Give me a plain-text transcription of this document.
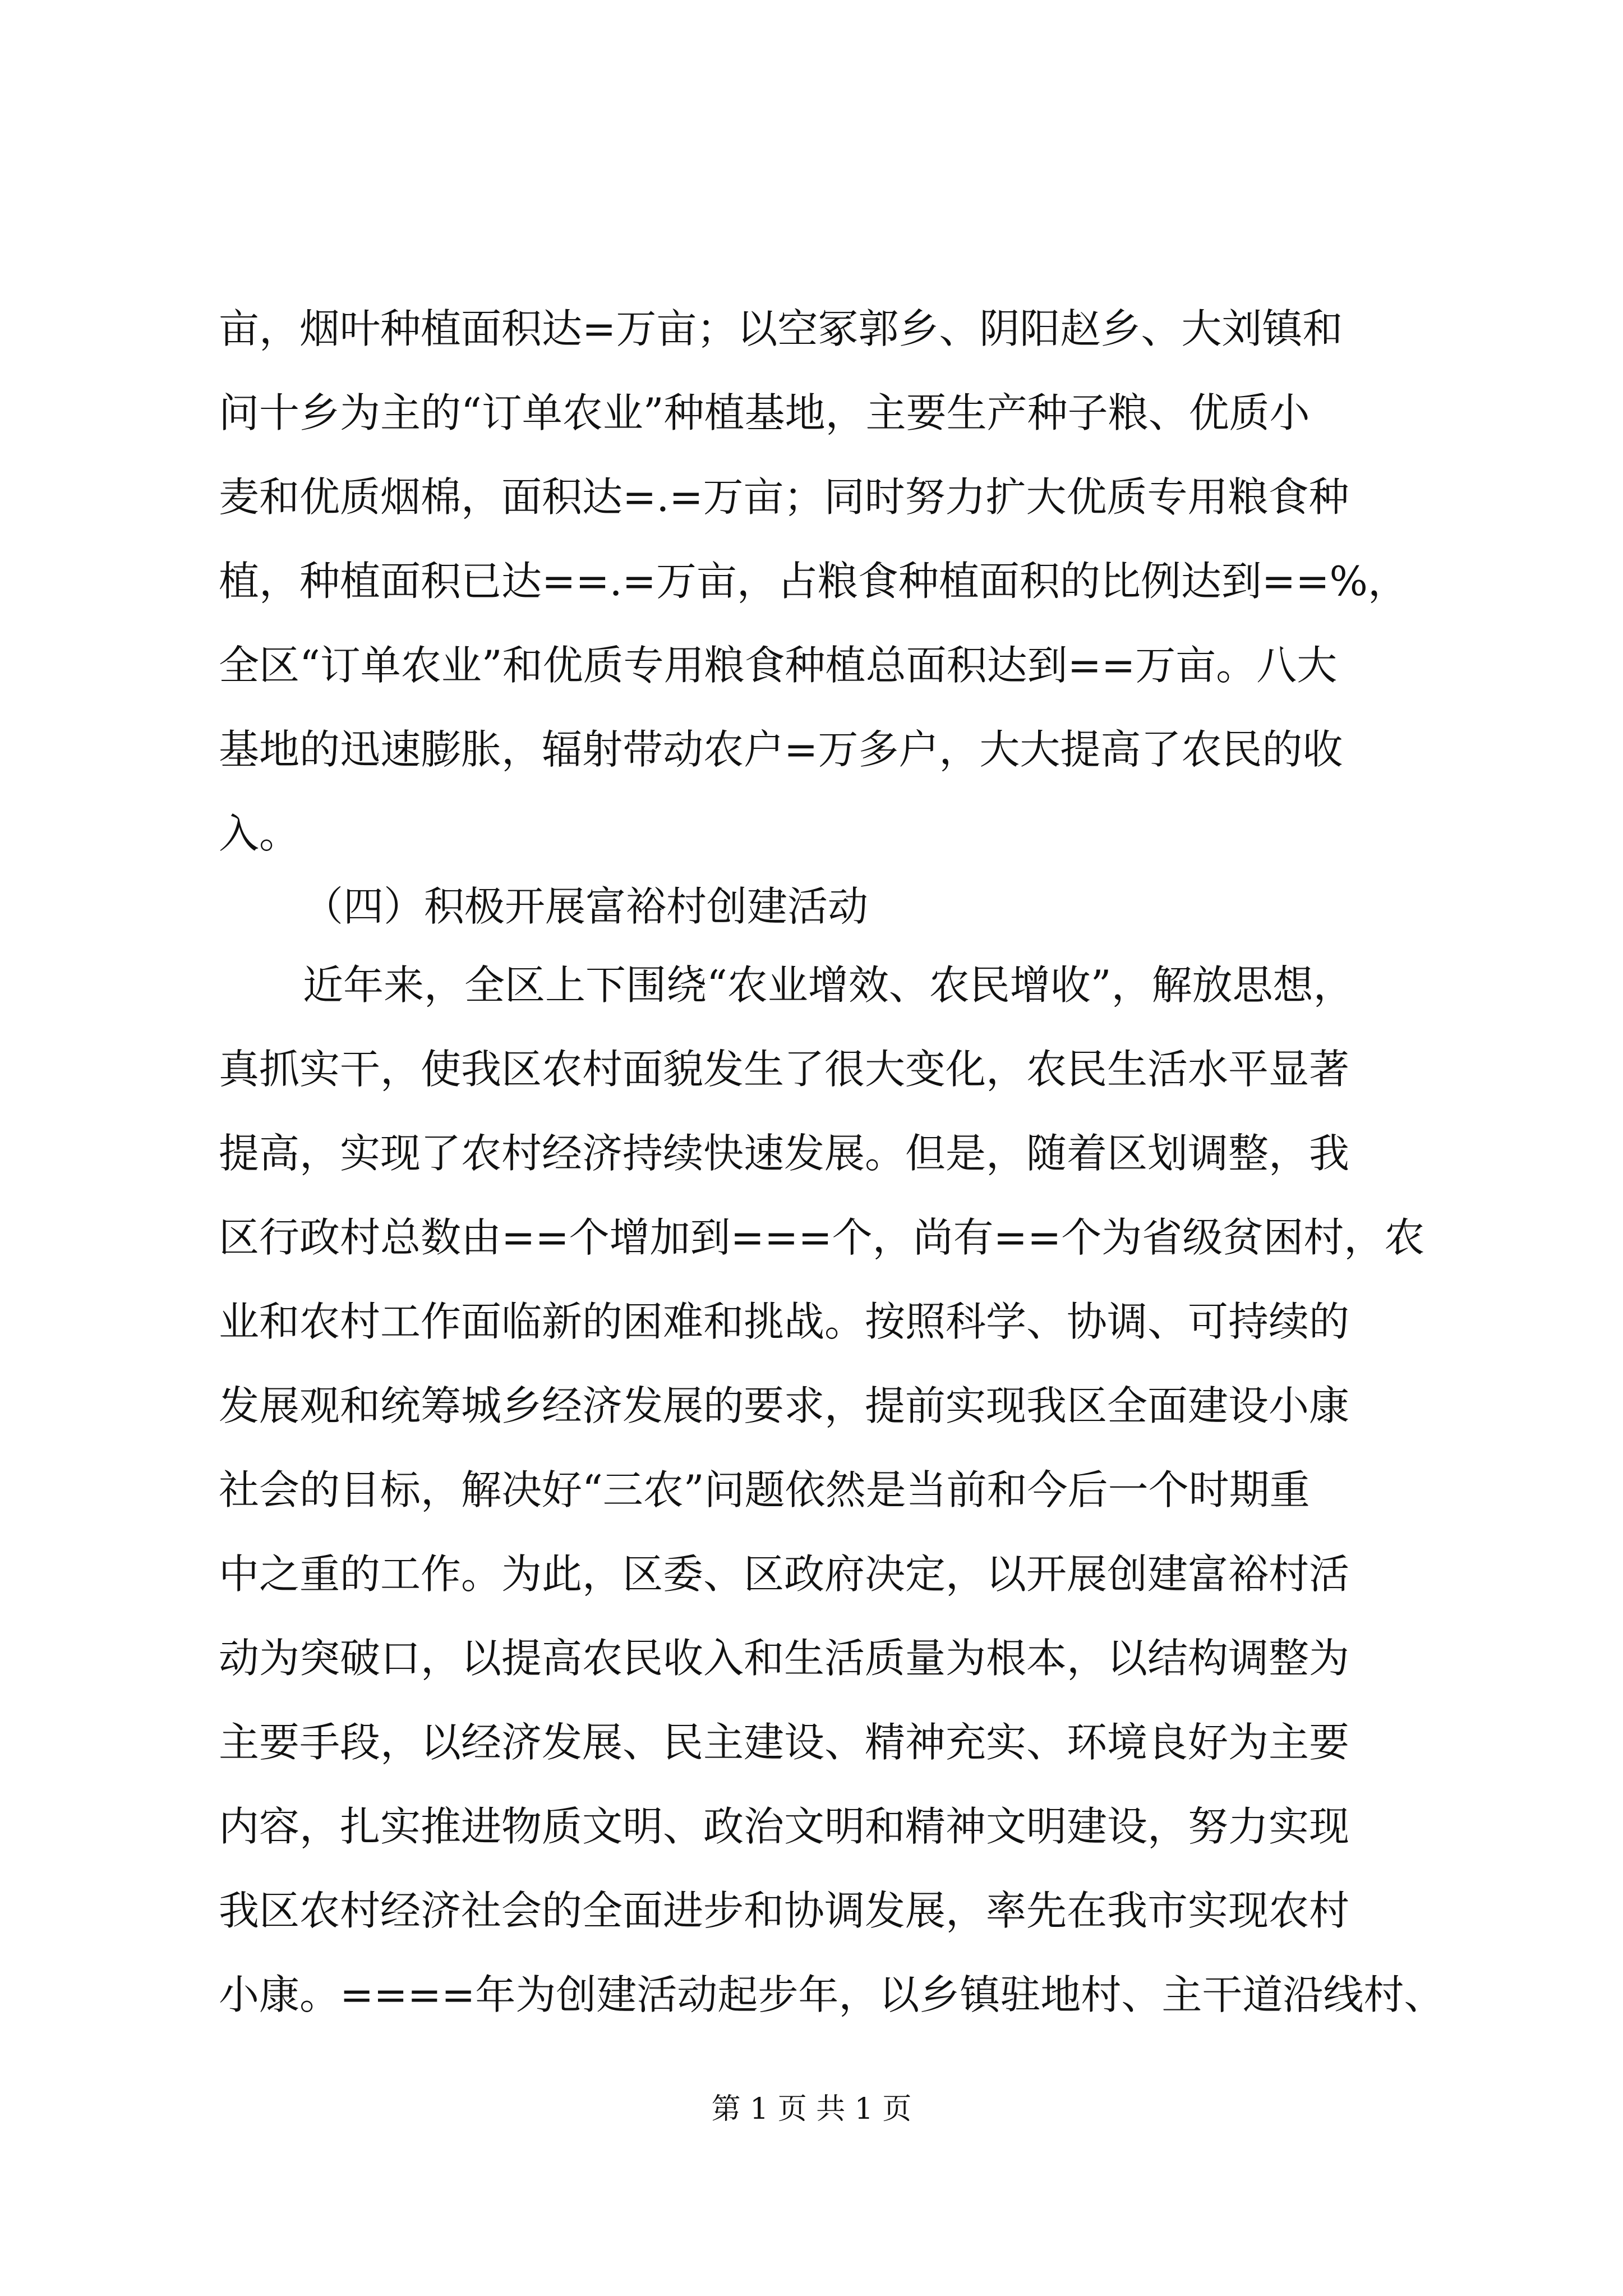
亩，烟叶种植面积达=万亩；以空冢郭乡、阴阳赵乡、大刘镇和
问十乡为主的“订单农业”种植基地，主要生产种子粮、优质小
麦和优质烟棉，面积达=.=万亩；同时努力扩大优质专用粮食种
植，种植面积已达==.=万亩，占粮食种植面积的比例达到==%，
全区“订单农业”和优质专用粮食种植总面积达到==万亩。八大
基地的迅速膨胀，辐射带动农户=万多户，大大提高了农民的收
入。
（四）积极开展富裕村创建活动
近年来，全区上下围绕“农业增效、农民增收”，解放思想，
真抓实干，使我区农村面貌发生了很大变化，农民生活水平显著
提高，实现了农村经济持续快速发展。但是，随着区划调整，我
区行政村总数由==个增加到===个，尚有==个为省级贫困村，农
业和农村工作面临新的困难和挑战。按照科学、协调、可持续的
发展观和统筹城乡经济发展的要求，提前实现我区全面建设小康
社会的目标，解决好“三农”问题依然是当前和今后一个时期重
中之重的工作。为此，区委、区政府决定，以开展创建富裕村活
动为突破口，以提高农民收入和生活质量为根本，以结构调整为
主要手段，以经济发展、民主建设、精神充实、环境良好为主要
内容，扎实推进物质文明、政治文明和精神文明建设，努力实现
我区农村经济社会的全面进步和协调发展，率先在我市实现农村
小康。====年为创建活动起步年，以乡镇驻地村、主干道沿线村、
第 1 页 共 1 页
